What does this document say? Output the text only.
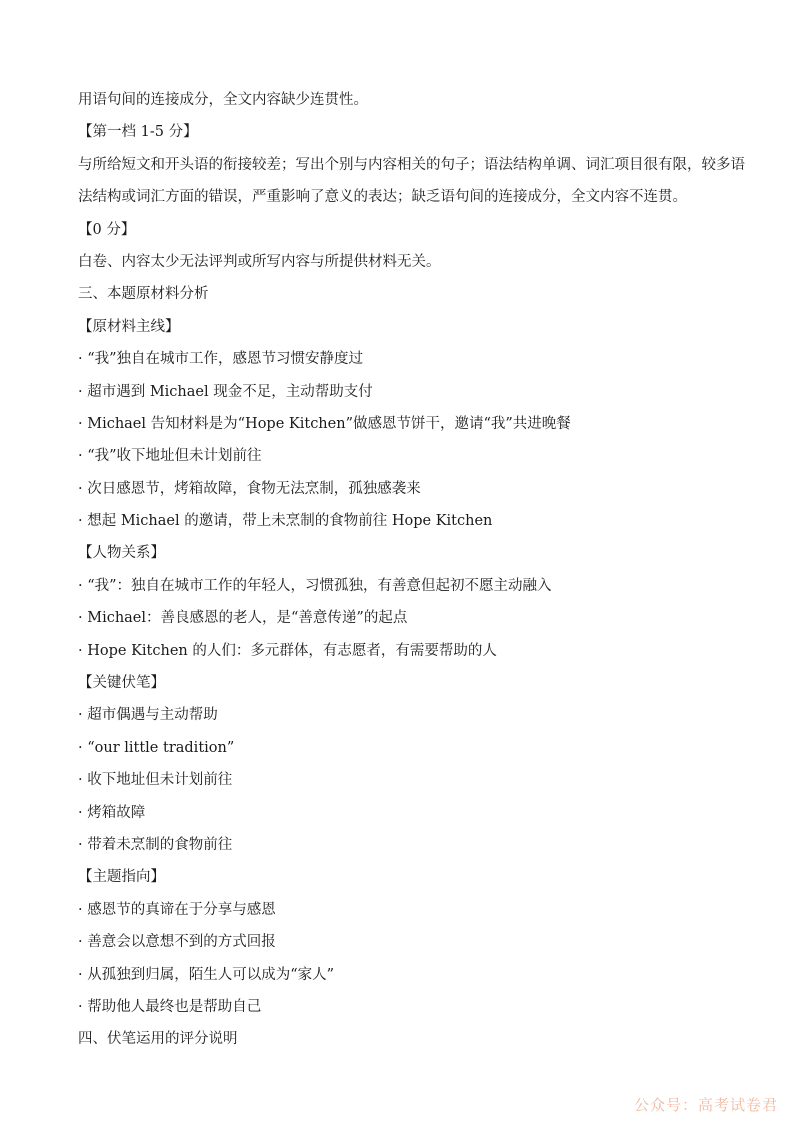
用语句间的连接成分，全文内容缺少连贯性。
【第一档 1-5 分】
与所给短文和开头语的衔接较差；写出个别与内容相关的句子；语法结构单调、词汇项目很有限，较多语
法结构或词汇方面的错误，严重影响了意义的表达；缺乏语句间的连接成分，全文内容不连贯。
【0 分】
白卷、内容太少无法评判或所写内容与所提供材料无关。
三、本题原材料分析
【原材料主线】
· “我”独自在城市工作，感恩节习惯安静度过
· 超市遇到 Michael 现金不足，主动帮助支付
· Michael 告知材料是为“Hope Kitchen”做感恩节饼干，邀请“我”共进晚餐
· “我”收下地址但未计划前往
· 次日感恩节，烤箱故障，食物无法烹制，孤独感袭来
· 想起 Michael 的邀请，带上未烹制的食物前往 Hope Kitchen
【人物关系】
· “我”：独自在城市工作的年轻人，习惯孤独，有善意但起初不愿主动融入
· Michael：善良感恩的老人，是“善意传递”的起点
· Hope Kitchen 的人们：多元群体，有志愿者，有需要帮助的人
【关键伏笔】
· 超市偶遇与主动帮助
· “our little tradition”
· 收下地址但未计划前往
· 烤箱故障
· 带着未烹制的食物前往
【主题指向】
· 感恩节的真谛在于分享与感恩
· 善意会以意想不到的方式回报
· 从孤独到归属，陌生人可以成为“家人”
· 帮助他人最终也是帮助自己
四、伏笔运用的评分说明
公众号：高考试卷君
